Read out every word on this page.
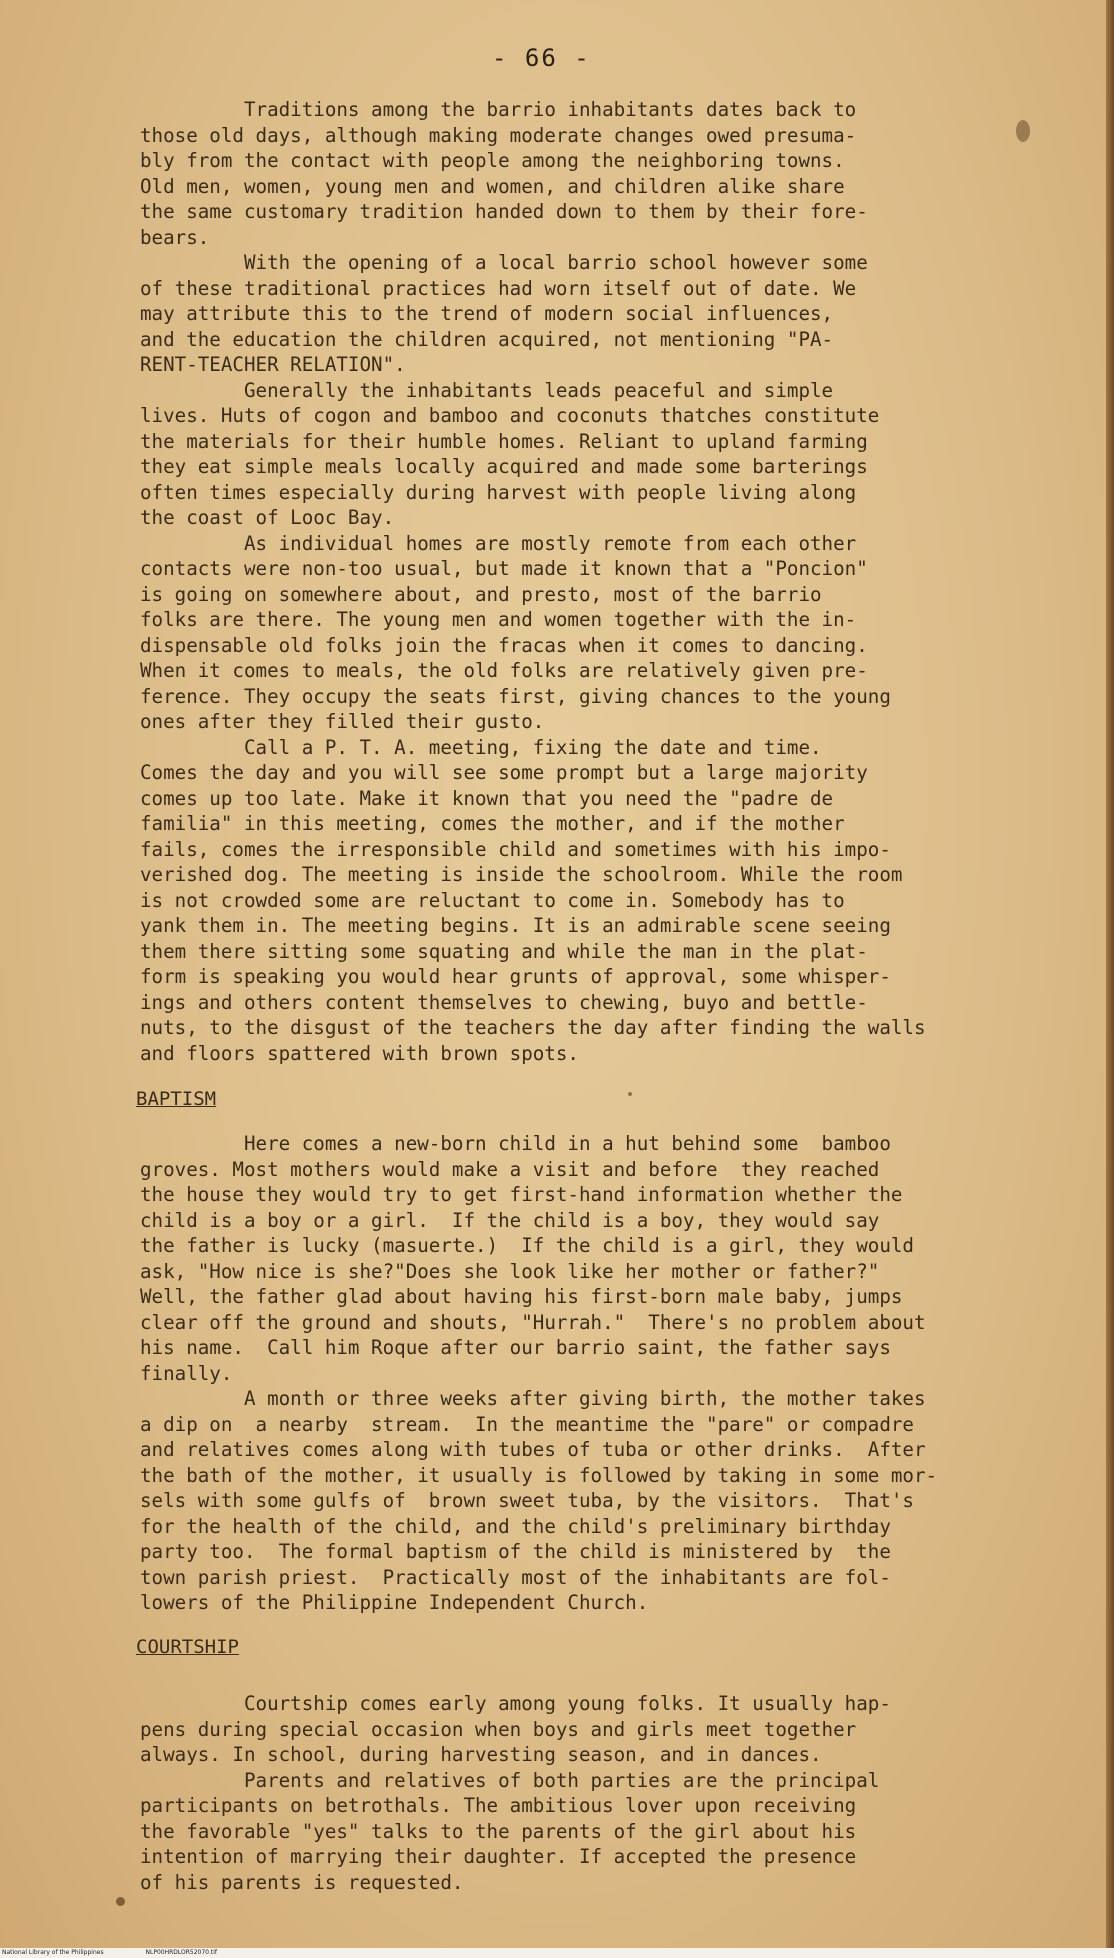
- 66 -
Traditions among the barrio inhabitants dates back to
those old days, although making moderate changes owed presuma-
bly from the contact with people among the neighboring towns.
Old men, women, young men and women, and children alike share
the same customary tradition handed down to them by their fore-
bears.
With the opening of a local barrio school however some
of these traditional practices had worn itself out of date. We
may attribute this to the trend of modern social influences,
and the education the children acquired, not mentioning "PA-
RENT-TEACHER RELATION".
Generally the inhabitants leads peaceful and simple
lives. Huts of cogon and bamboo and coconuts thatches constitute
the materials for their humble homes. Reliant to upland farming
they eat simple meals locally acquired and made some barterings
often times especially during harvest with people living along
the coast of Looc Bay.
As individual homes are mostly remote from each other
contacts were non-too usual, but made it known that a "Poncion"
is going on somewhere about, and presto, most of the barrio
folks are there. The young men and women together with the in-
dispensable old folks join the fracas when it comes to dancing.
When it comes to meals, the old folks are relatively given pre-
ference. They occupy the seats first, giving chances to the young
ones after they filled their gusto.
Call a P. T. A. meeting, fixing the date and time.
Comes the day and you will see some prompt but a large majority
comes up too late. Make it known that you need the "padre de
familia" in this meeting, comes the mother, and if the mother
fails, comes the irresponsible child and sometimes with his impo-
verished dog. The meeting is inside the schoolroom. While the room
is not crowded some are reluctant to come in. Somebody has to
yank them in. The meeting begins. It is an admirable scene seeing
them there sitting some squating and while the man in the plat-
form is speaking you would hear grunts of approval, some whisper-
ings and others content themselves to chewing, buyo and bettle-
nuts, to the disgust of the teachers the day after finding the walls
and floors spattered with brown spots.
BAPTISM
Here comes a new-born child in a hut behind some  bamboo
groves. Most mothers would make a visit and before  they reached
the house they would try to get first-hand information whether the
child is a boy or a girl.  If the child is a boy, they would say
the father is lucky (masuerte.)  If the child is a girl, they would
ask, "How nice is she?"Does she look like her mother or father?"
Well, the father glad about having his first-born male baby, jumps
clear off the ground and shouts, "Hurrah."  There's no problem about
his name.  Call him Roque after our barrio saint, the father says
finally.
A month or three weeks after giving birth, the mother takes
a dip on  a nearby  stream.  In the meantime the "pare" or compadre
and relatives comes along with tubes of tuba or other drinks.  After
the bath of the mother, it usually is followed by taking in some mor-
sels with some gulfs of  brown sweet tuba, by the visitors.  That's
for the health of the child, and the child's preliminary birthday
party too.  The formal baptism of the child is ministered by  the
town parish priest.  Practically most of the inhabitants are fol-
lowers of the Philippine Independent Church.
COURTSHIP
Courtship comes early among young folks. It usually hap-
pens during special occasion when boys and girls meet together
always. In school, during harvesting season, and in dances.
Parents and relatives of both parties are the principal
participants on betrothals. The ambitious lover upon receiving
the favorable "yes" talks to the parents of the girl about his
intention of marrying their daughter. If accepted the presence
of his parents is requested.
National Library of the Philippines	NLP00HRDLOR52070.tif
